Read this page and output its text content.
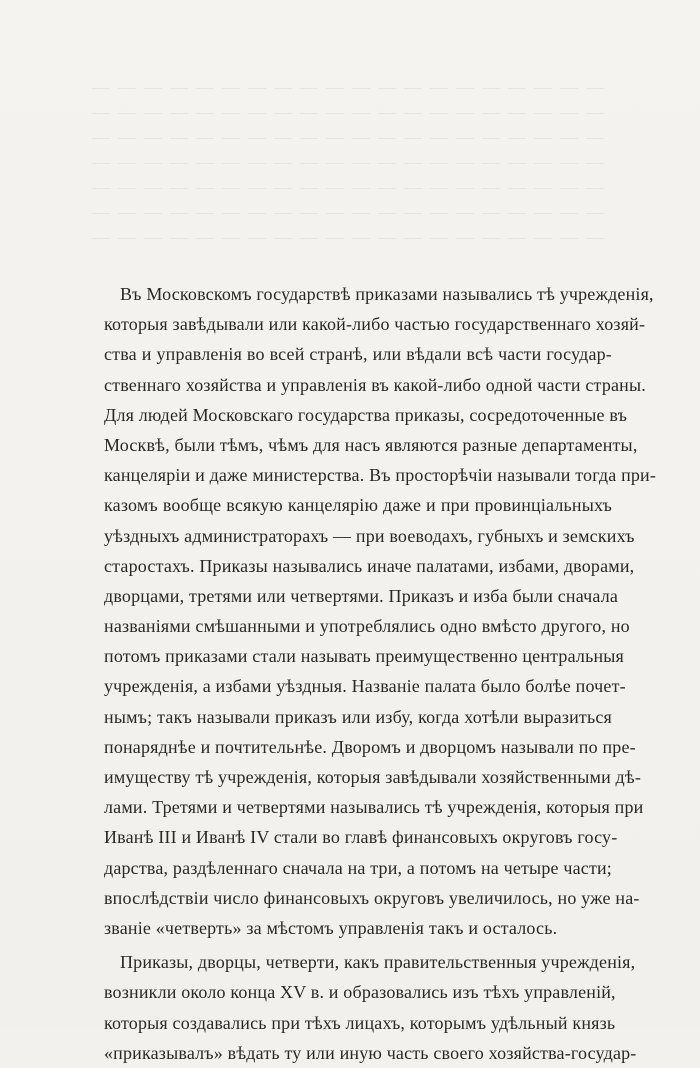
Въ Московскомъ государствѣ приказами назывались тѣ учрежденія,
которыя завѣдывали или какой-либо частью государственнаго хозяй-
ства и управленія во всей странѣ, или вѣдали всѣ части государ-
ственнаго хозяйства и управленія въ какой-либо одной части страны.
Для людей Московскаго государства приказы, сосредоточенные въ
Москвѣ, были тѣмъ, чѣмъ для насъ являются разные департаменты,
канцеляріи и даже министерства. Въ просторѣчіи называли тогда при-
казомъ вообще всякую канцелярію даже и при провинціальныхъ
уѣздныхъ администраторахъ — при воеводахъ, губныхъ и земскихъ
старостахъ. Приказы назывались иначе палатами, избами, дворами,
дворцами, третями или четвертями. Приказъ и изба были сначала
названіями смѣшанными и употреблялись одно вмѣсто другого, но
потомъ приказами стали называть преимущественно центральныя
учрежденія, а избами уѣздныя. Названіе палата было болѣе почет-
нымъ; такъ называли приказъ или избу, когда хотѣли выразиться
понаряднѣе и почтительнѣе. Дворомъ и дворцомъ называли по пре-
имуществу тѣ учрежденія, которыя завѣдывали хозяйственными дѣ-
лами. Третями и четвертями назывались тѣ учрежденія, которыя при
Иванѣ III и Иванѣ IV стали во главѣ финансовыхъ округовъ госу-
дарства, раздѣленнаго сначала на три, а потомъ на четыре части;
впослѣдствіи число финансовыхъ округовъ увеличилось, но уже на-
званіе «четверть» за мѣстомъ управленія такъ и осталось.
Приказы, дворцы, четверти, какъ правительственныя учрежденія,
возникли около конца XV в. и образовались изъ тѣхъ управленій,
которыя создавались при тѣхъ лицахъ, которымъ удѣльный князь
«приказывалъ» вѣдать ту или иную часть своего хозяйства-государ-
